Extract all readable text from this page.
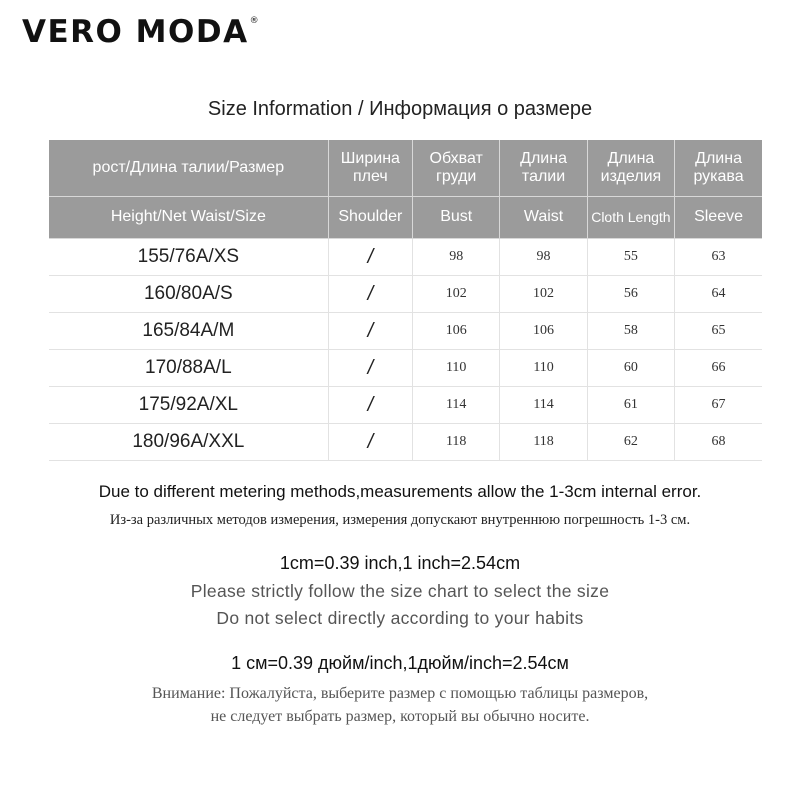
VERO MODA®
Size Information / Информация о размере
рост/Длина талии/Размер	Ширина плеч	Обхват груди	Длина талии	Длина изделия	Длина рукава
Height/Net Waist/Size	Shoulder	Bust	Waist	Cloth Length	Sleeve
155/76A/XS	/	98	98	55	63
160/80A/S	/	102	102	56	64
165/84A/M	/	106	106	58	65
170/88A/L	/	110	110	60	66
175/92A/XL	/	114	114	61	67
180/96A/XXL	/	118	118	62	68
Due to different metering methods,measurements allow the 1-3cm internal error.
Из-за различных методов измерения, измерения допускают внутреннюю погрешность 1-3 см.
1cm=0.39 inch,1 inch=2.54cm
Please strictly follow the size chart to select the size
Do not select directly according to your habits
1 см=0.39 дюйм/inch,1дюйм/inch=2.54см
Внимание: Пожалуйста, выберите размер с помощью таблицы размеров,
не следует выбрать размер, который вы обычно носите.
